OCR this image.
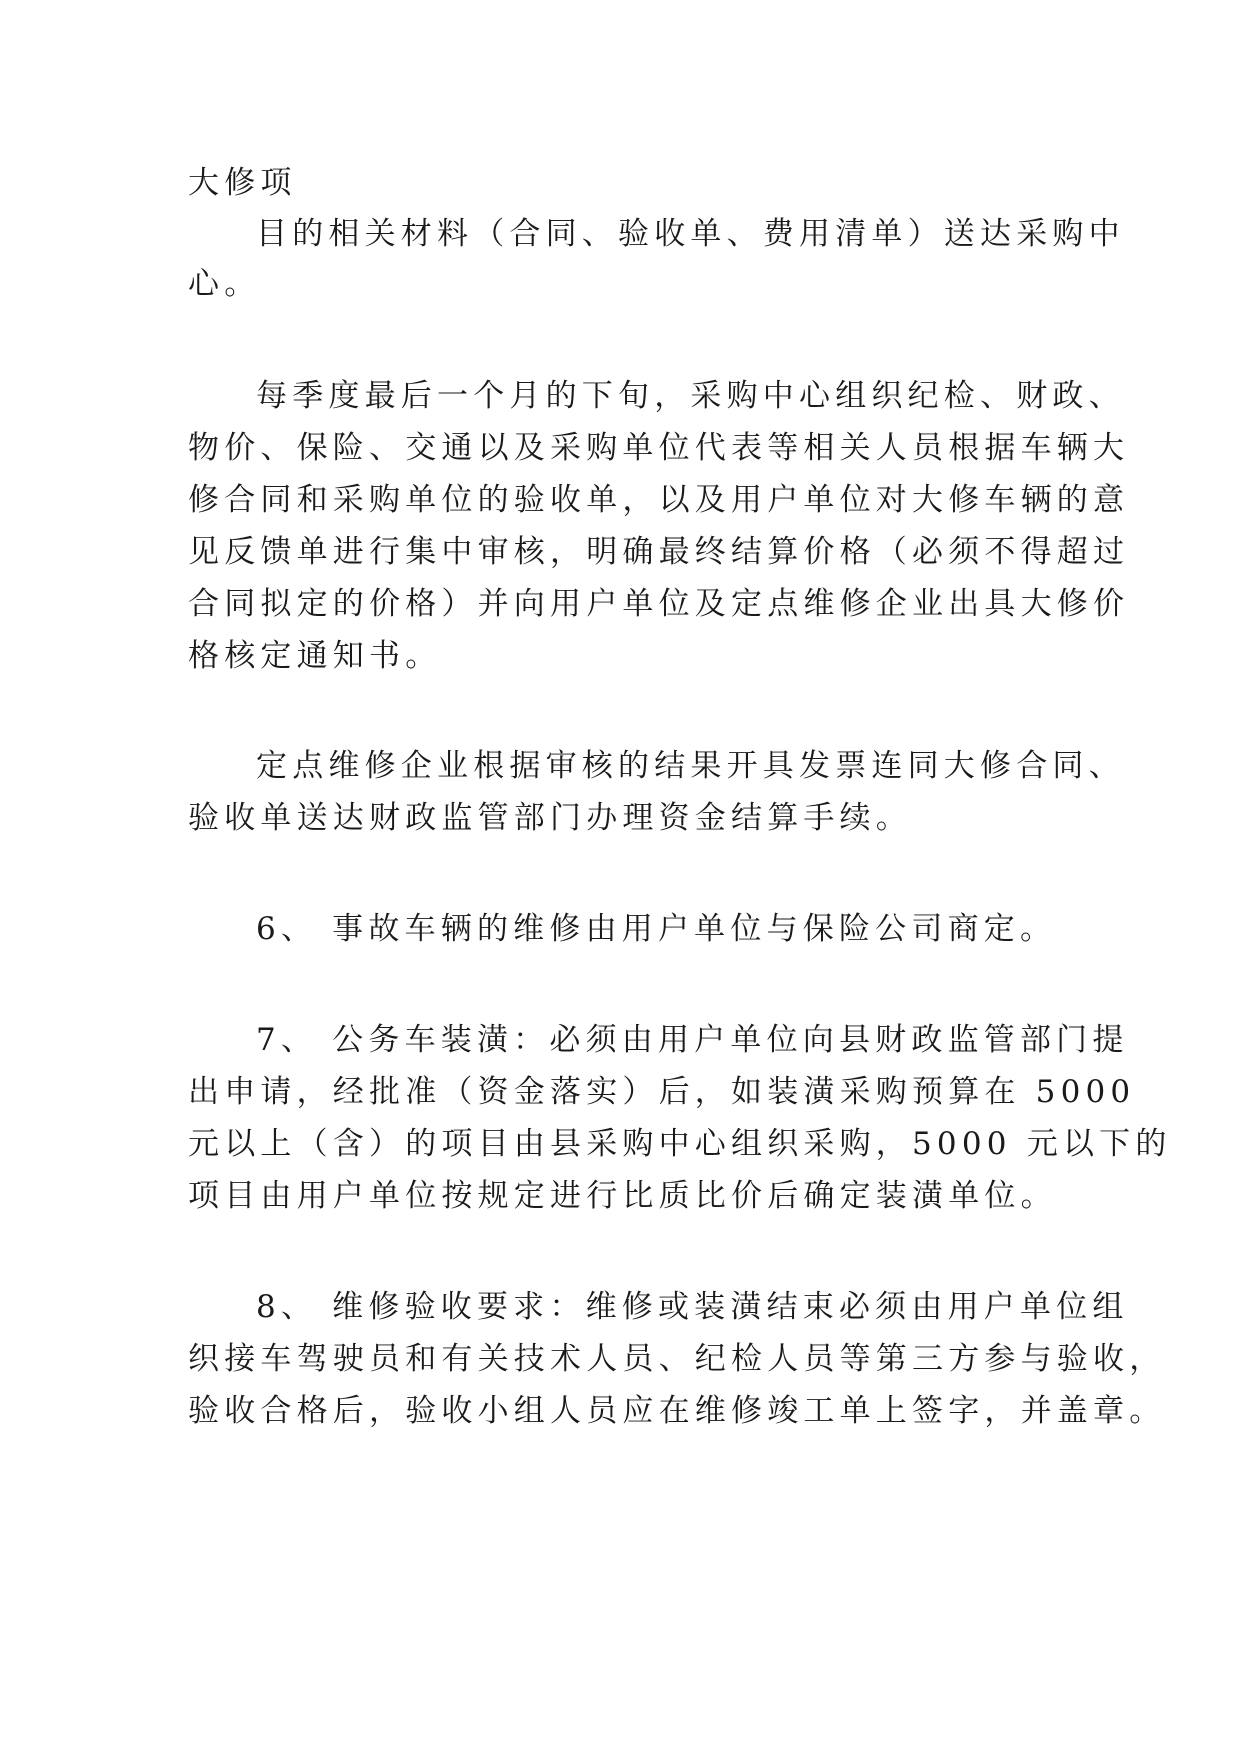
大修项
目的相关材料（合同、验收单、费用清单）送达采购中
心。
每季度最后一个月的下旬，采购中心组织纪检、财政、
物价、保险、交通以及采购单位代表等相关人员根据车辆大
修合同和采购单位的验收单，以及用户单位对大修车辆的意
见反馈单进行集中审核，明确最终结算价格（必须不得超过
合同拟定的价格）并向用户单位及定点维修企业出具大修价
格核定通知书。
定点维修企业根据审核的结果开具发票连同大修合同、
验收单送达财政监管部门办理资金结算手续。
6、 事故车辆的维修由用户单位与保险公司商定。
7、 公务车装潢：必须由用户单位向县财政监管部门提
出申请，经批准（资金落实）后，如装潢采购预算在 5000
元以上（含）的项目由县采购中心组织采购，5000 元以下的
项目由用户单位按规定进行比质比价后确定装潢单位。
8、 维修验收要求：维修或装潢结束必须由用户单位组
织接车驾驶员和有关技术人员、纪检人员等第三方参与验收，
验收合格后，验收小组人员应在维修竣工单上签字，并盖章。
